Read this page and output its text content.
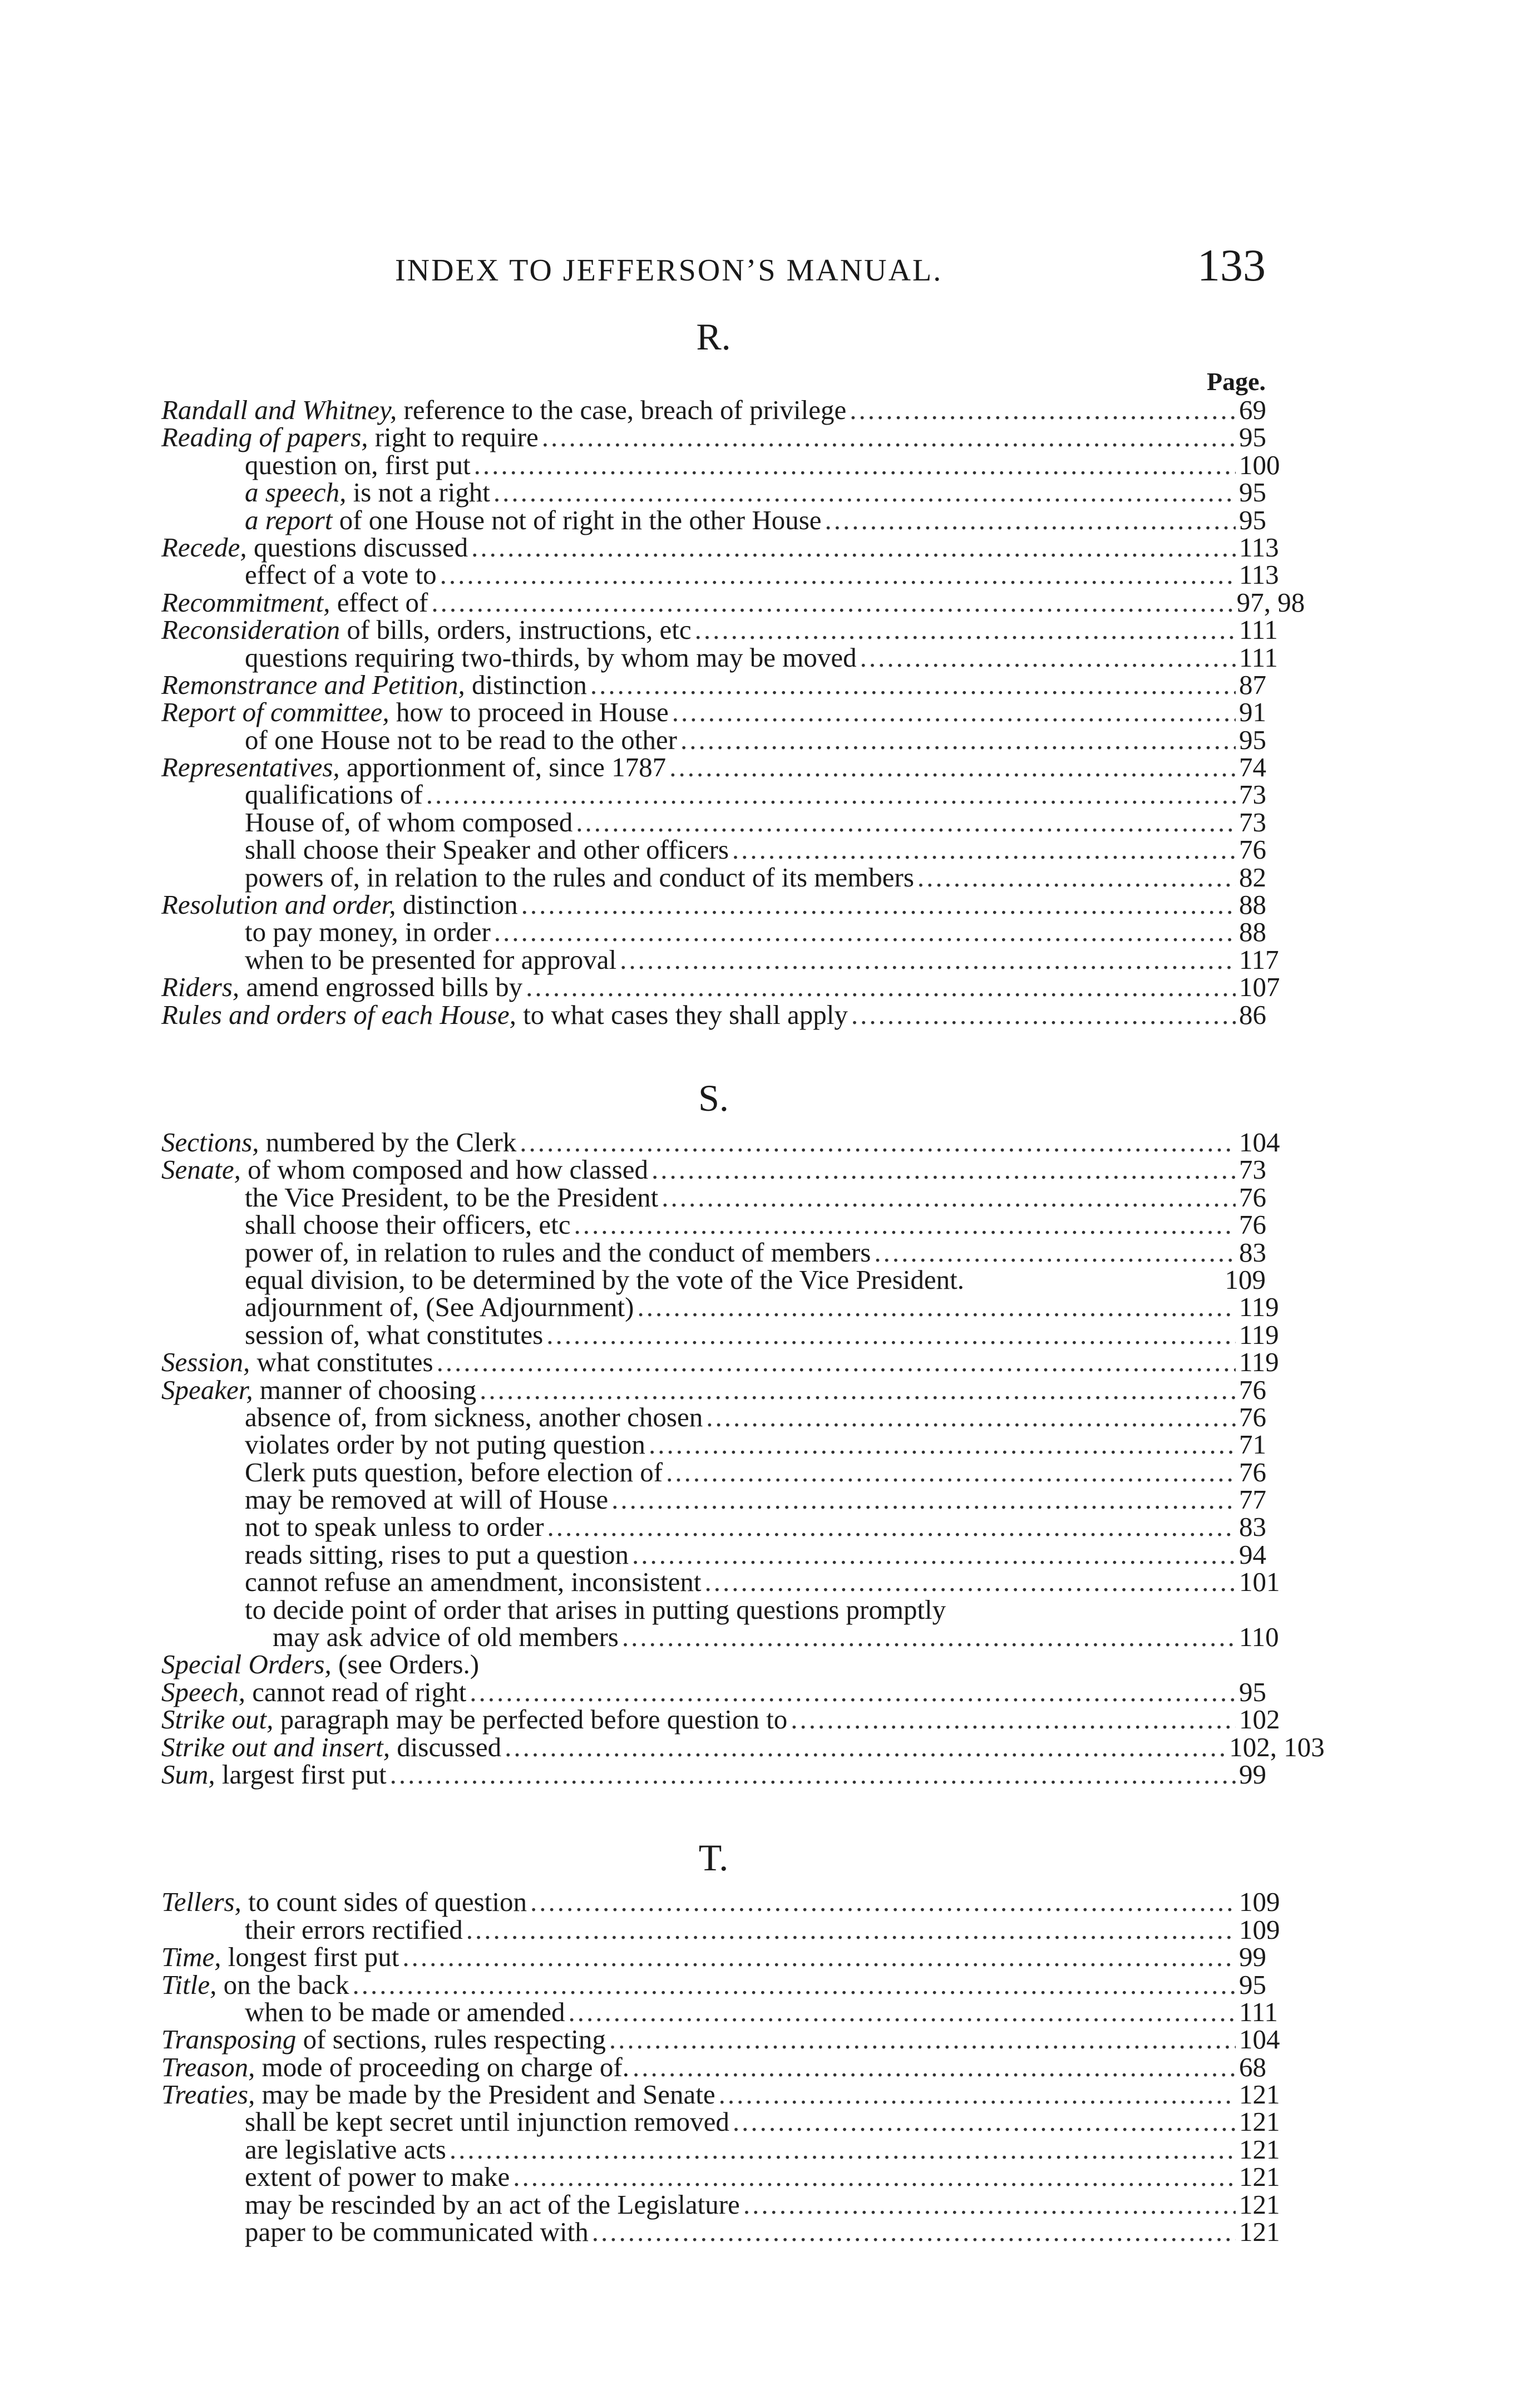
INDEX TO JEFFERSON’S MANUAL.	133
R.
Page.
Randall and Whitney, reference to the case, breach of privilege .....	69
Reading of papers, right to require .....	95
question on, first put .....	100
a speech, is not a right .....	95
a report of one House not of right in the other House .....	95
Recede, questions discussed .....	113
effect of a vote to .....	113
Recommitment, effect of .....	97, 98
Reconsideration of bills, orders, instructions, etc .....	111
questions requiring two-thirds, by whom may be moved .....	111
Remonstrance and Petition, distinction .....	87
Report of committee, how to proceed in House .....	91
of one House not to be read to the other .....	95
Representatives, apportionment of, since 1787 .....	74
qualifications of .....	73
House of, of whom composed .....	73
shall choose their Speaker and other officers .....	76
powers of, in relation to the rules and conduct of its members .....	82
Resolution and order, distinction .....	88
to pay money, in order .....	88
when to be presented for approval .....	117
Riders, amend engrossed bills by .....	107
Rules and orders of each House, to what cases they shall apply .....	86
S.
Sections, numbered by the Clerk .....	104
Senate, of whom composed and how classed .....	73
the Vice President, to be the President .....	76
shall choose their officers, etc .....	76
power of, in relation to rules and the conduct of members .....	83
equal division, to be determined by the vote of the Vice President.	109
adjournment of, (See Adjournment) .....	119
session of, what constitutes .....	119
Session, what constitutes .....	119
Speaker, manner of choosing .....	76
absence of, from sickness, another chosen .....	76
violates order by not puting question .....	71
Clerk puts question, before election of .....	76
may be removed at will of House .....	77
not to speak unless to order .....	83
reads sitting, rises to put a question .....	94
cannot refuse an amendment, inconsistent .....	101
to decide point of order that arises in putting questions promptly
may ask advice of old members .....	110
Special Orders, (see Orders.)
Speech, cannot read of right .....	95
Strike out, paragraph may be perfected before question to .....	102
Strike out and insert, discussed .....	102, 103
Sum, largest first put .....	99
T.
Tellers, to count sides of question .....	109
their errors rectified .....	109
Time, longest first put .....	99
Title, on the back .....	95
when to be made or amended .....	111
Transposing of sections, rules respecting .....	104
Treason, mode of proceeding on charge of. .....	68
Treaties, may be made by the President and Senate .....	121
shall be kept secret until injunction removed .....	121
are legislative acts .....	121
extent of power to make .....	121
may be rescinded by an act of the Legislature .....	121
paper to be communicated with .....	121
